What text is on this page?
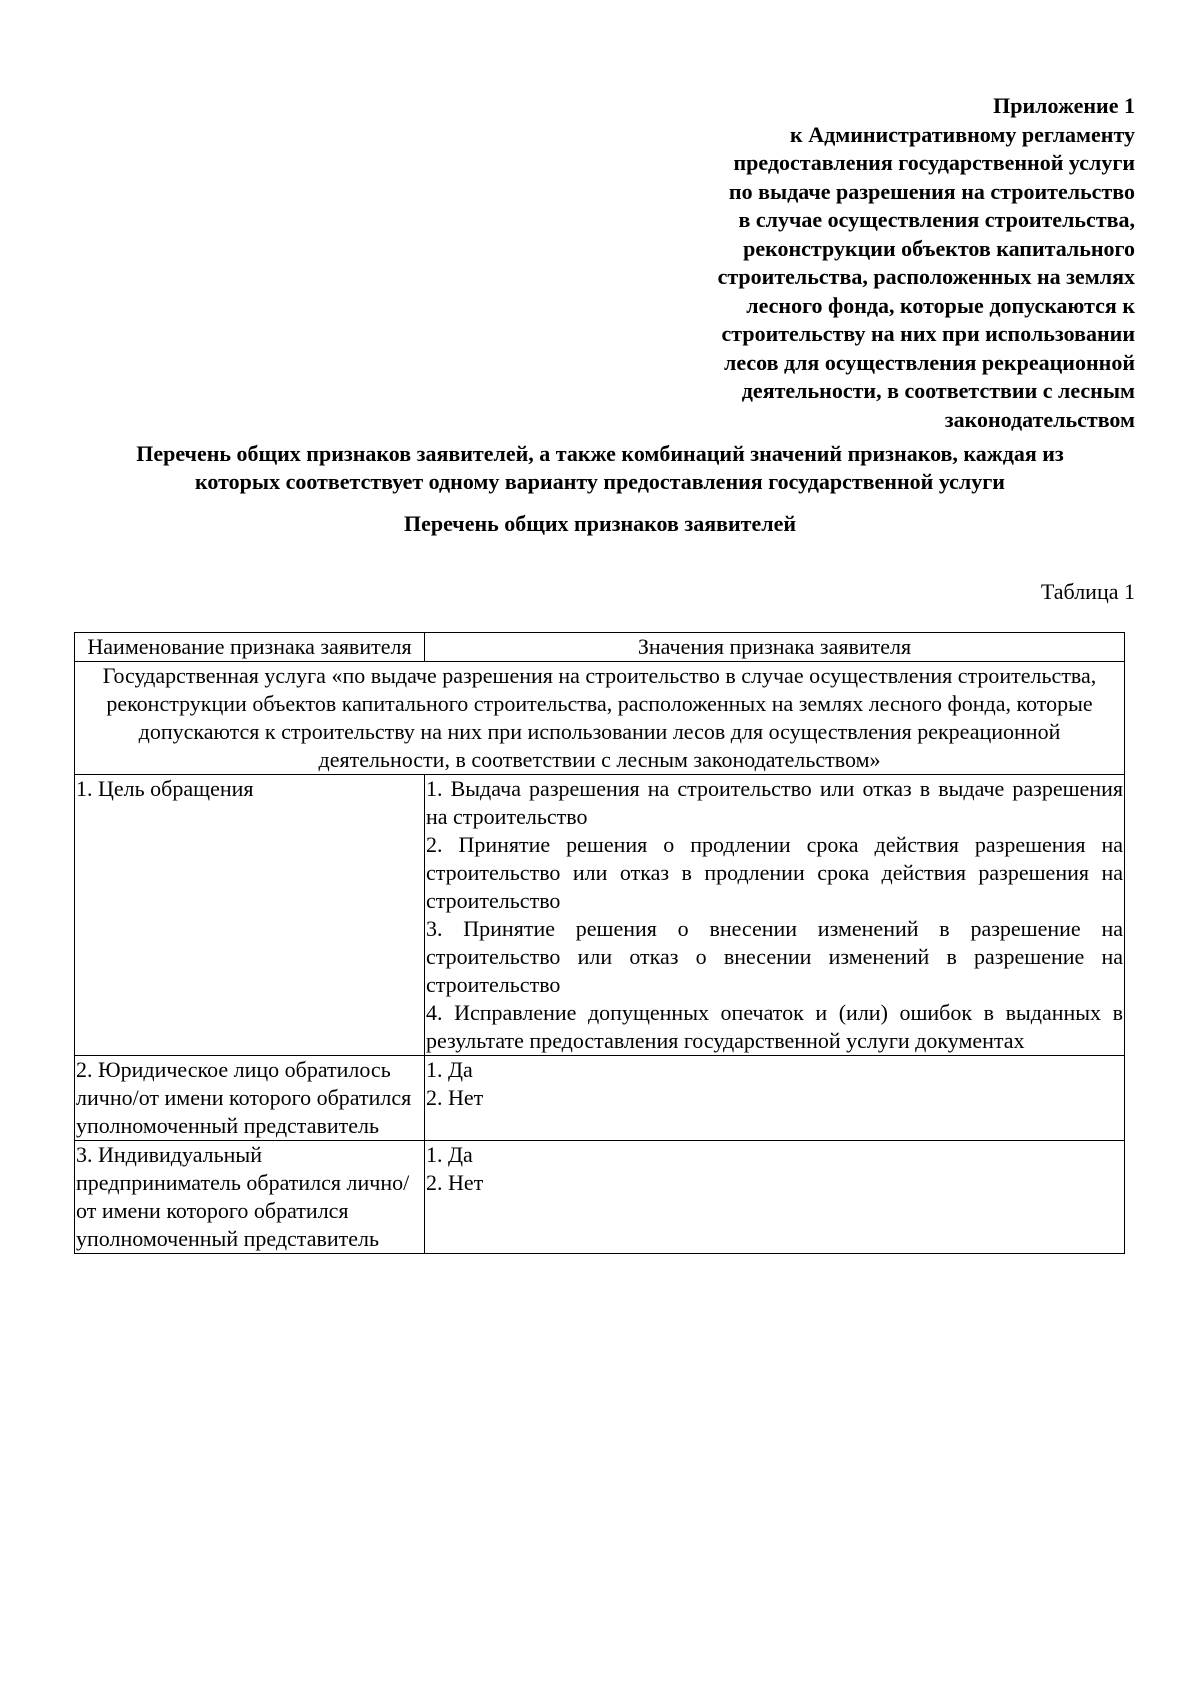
Приложение 1
к Административному регламенту
предоставления государственной услуги
по выдаче разрешения на строительство
в случае осуществления строительства,
реконструкции объектов капитального
строительства, расположенных на землях
лесного фонда, которые допускаются к
строительству на них при использовании
лесов для осуществления рекреационной
деятельности, в соответствии с лесным
законодательством
Перечень общих признаков заявителей, а также комбинаций значений признаков, каждая из
которых соответствует одному варианту предоставления государственной услуги
Перечень общих признаков заявителей
Таблица 1
Наименование признака заявителя	Значения признака заявителя
Государственная услуга «по выдаче разрешения на строительство в случае осуществления строительства, реконструкции объектов капитального строительства, расположенных на землях лесного фонда, которые допускаются к строительству на них при использовании лесов для осуществления рекреационной деятельности, в соответствии с лесным законодательством»	
1. Цель обращения	1. Выдача разрешения на строительство или отказ в выдаче разрешения на строительство
2. Принятие решения о продлении срока действия разрешения на строительство или отказ в продлении срока действия разрешения на строительство
3. Принятие решения о внесении изменений в разрешение на строительство или отказ о внесении изменений в разрешение на строительство
4. Исправление допущенных опечаток и (или) ошибок в выданных в результате предоставления государственной услуги документах

2. Юридическое лицо обратилось лично/от имени которого обратился уполномоченный представитель	1. Да
2. Нет

3. Индивидуальный предприниматель обратился лично/от имени которого обратился уполномоченный представитель	1. Да
2. Нет
